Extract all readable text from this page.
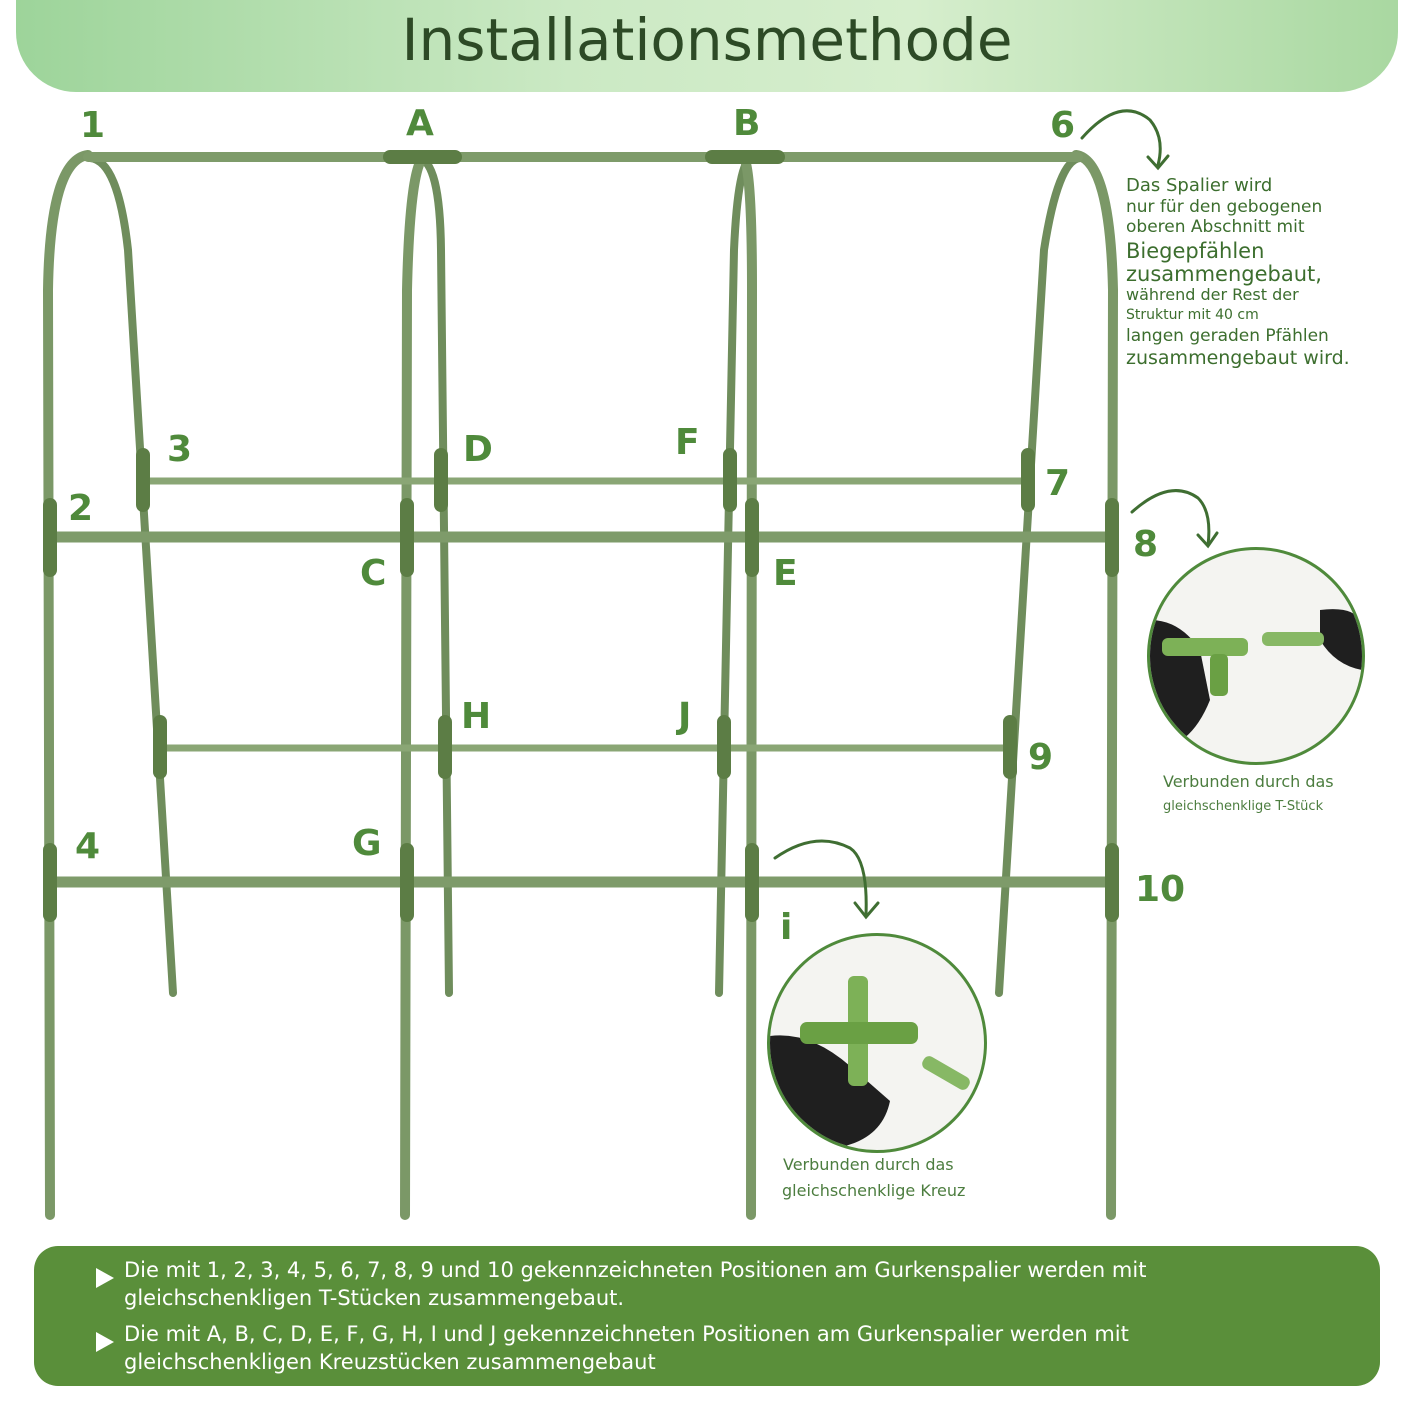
Installationsmethode
1	A	B	6
3	D	F
7
2
C	E
8
H	J
9
4	G
10
i
Das Spalier wird
nur für den gebogenen
oberen Abschnitt mit
Biegepfählen
zusammengebaut,
während der Rest der
Struktur mit 40 cm
langen geraden Pfählen
zusammengebaut wird.
Verbunden durch das
gleichschenklige T-Stück
Verbunden durch das
gleichschenklige Kreuz
Die mit 1, 2, 3, 4, 5, 6, 7, 8, 9 und 10 gekennzeichneten Positionen am Gurkenspalier werden mit gleichschenkligen T-Stücken zusammengebaut.
Die mit A, B, C, D, E, F, G, H, I und J gekennzeichneten Positionen am Gurkenspalier werden mit gleichschenkligen Kreuzstücken zusammengebaut
